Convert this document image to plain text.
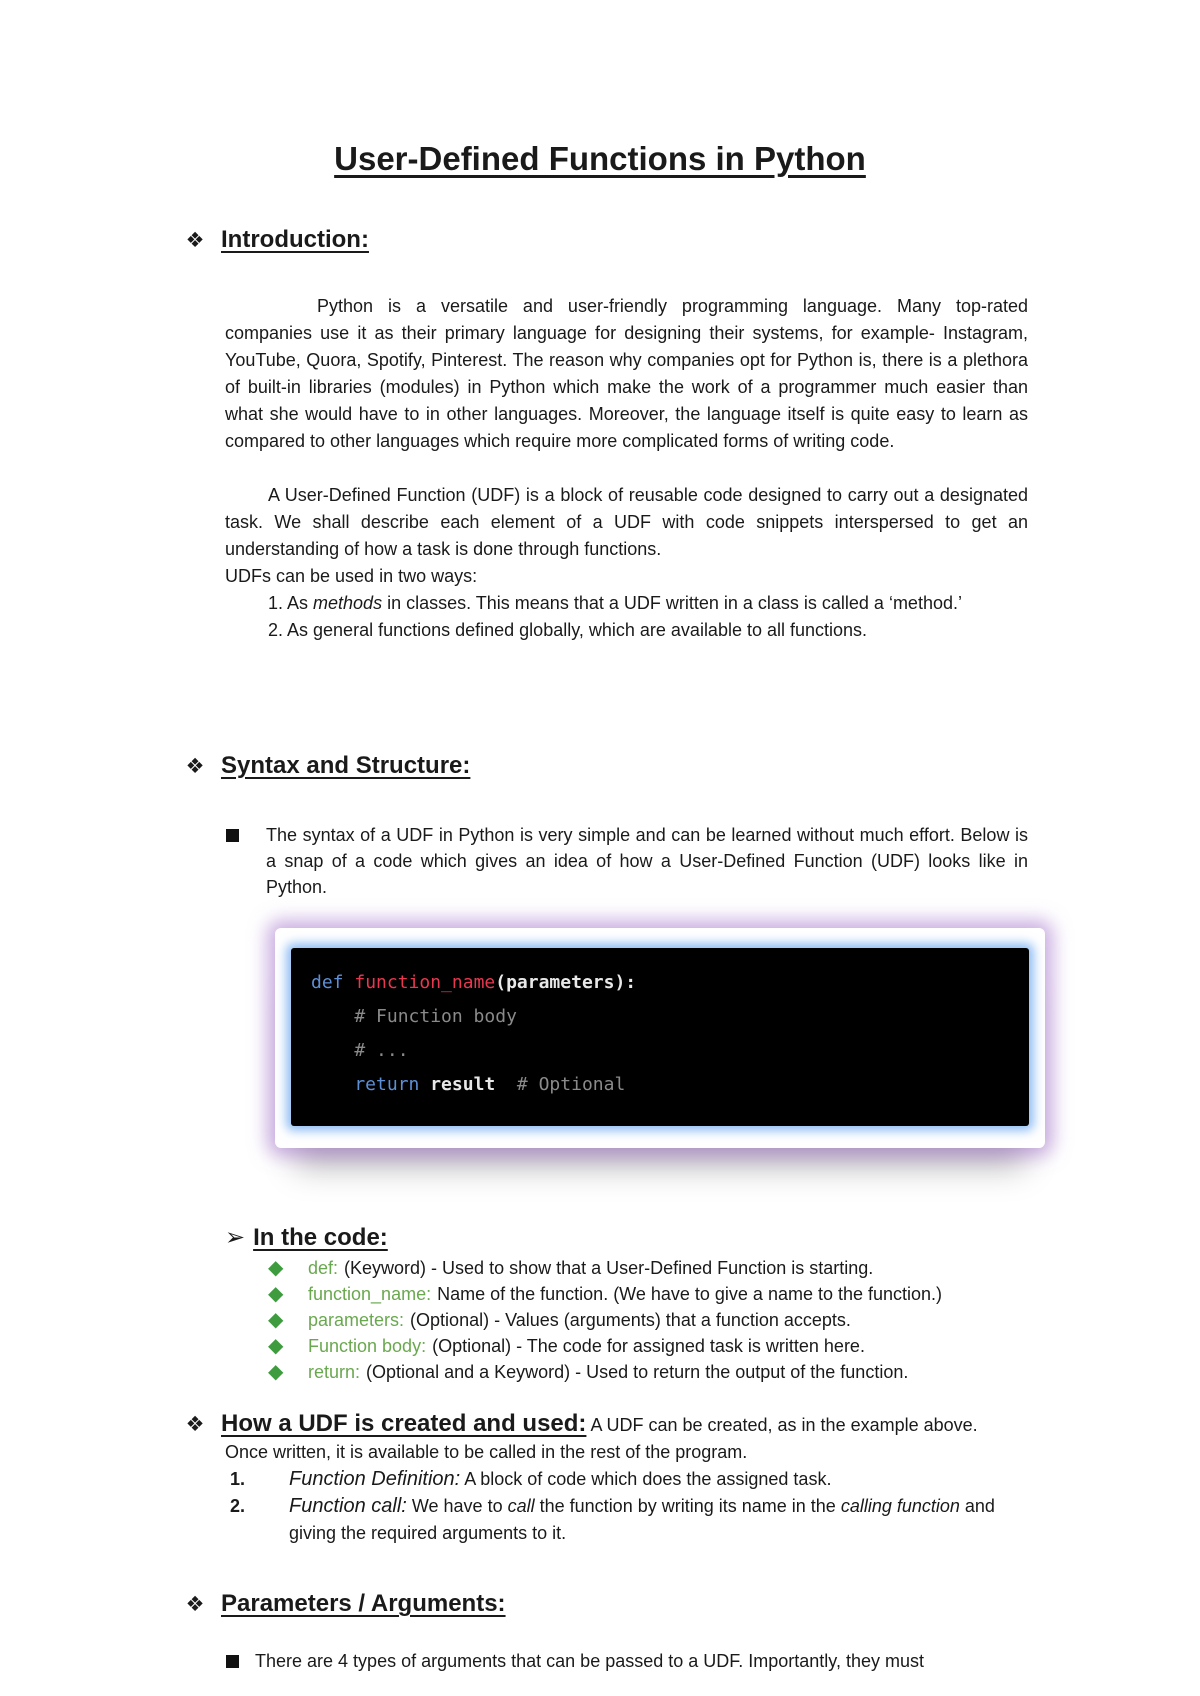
User-Defined Functions in Python
❖ Introduction:

Python is a versatile and user-friendly programming language. Many top-rated companies use it as their primary language for designing their systems, for example- Instagram, YouTube, Quora, Spotify, Pinterest. The reason why companies opt for Python is, there is a plethora of built-in libraries (modules) in Python which make the work of a programmer much easier than what she would have to in other languages. Moreover, the language itself is quite easy to learn as compared to other languages which require more complicated forms of writing code.

A User-Defined Function (UDF) is a block of reusable code designed to carry out a designated task. We shall describe each element of a UDF with code snippets interspersed to get an understanding of how a task is done through functions.

UDFs can be used in two ways:

1. As methods in classes. This means that a UDF written in a class is called a ‘method.’

2. As general functions defined globally, which are available to all functions.

❖ Syntax and Structure:
The syntax of a UDF in Python is very simple and can be learned without much effort. Below is a snap of a code which gives an idea of how a User-Defined Function (UDF) looks like in Python.
def function_name(parameters):
# Function body
# ...
return result  # Optional
➢ In the code:
◆	def: (Keyword) - Used to show that a User-Defined Function is starting.
◆	function_name: Name of the function. (We have to give a name to the function.)
◆	parameters: (Optional) - Values (arguments) that a function accepts.
◆	Function body: (Optional) - The code for assigned task is written here.
◆	return: (Optional and a Keyword) - Used to return the output of the function.
❖ How a UDF is created and used: A UDF can be created, as in the example above.
Once written, it is available to be called in the rest of the program.
1.	Function Definition: A block of code which does the assigned task.
2.	Function call: We have to call the function by writing its name in the calling function and giving the required arguments to it.
❖ Parameters / Arguments:
There are 4 types of arguments that can be passed to a UDF. Importantly, they must
